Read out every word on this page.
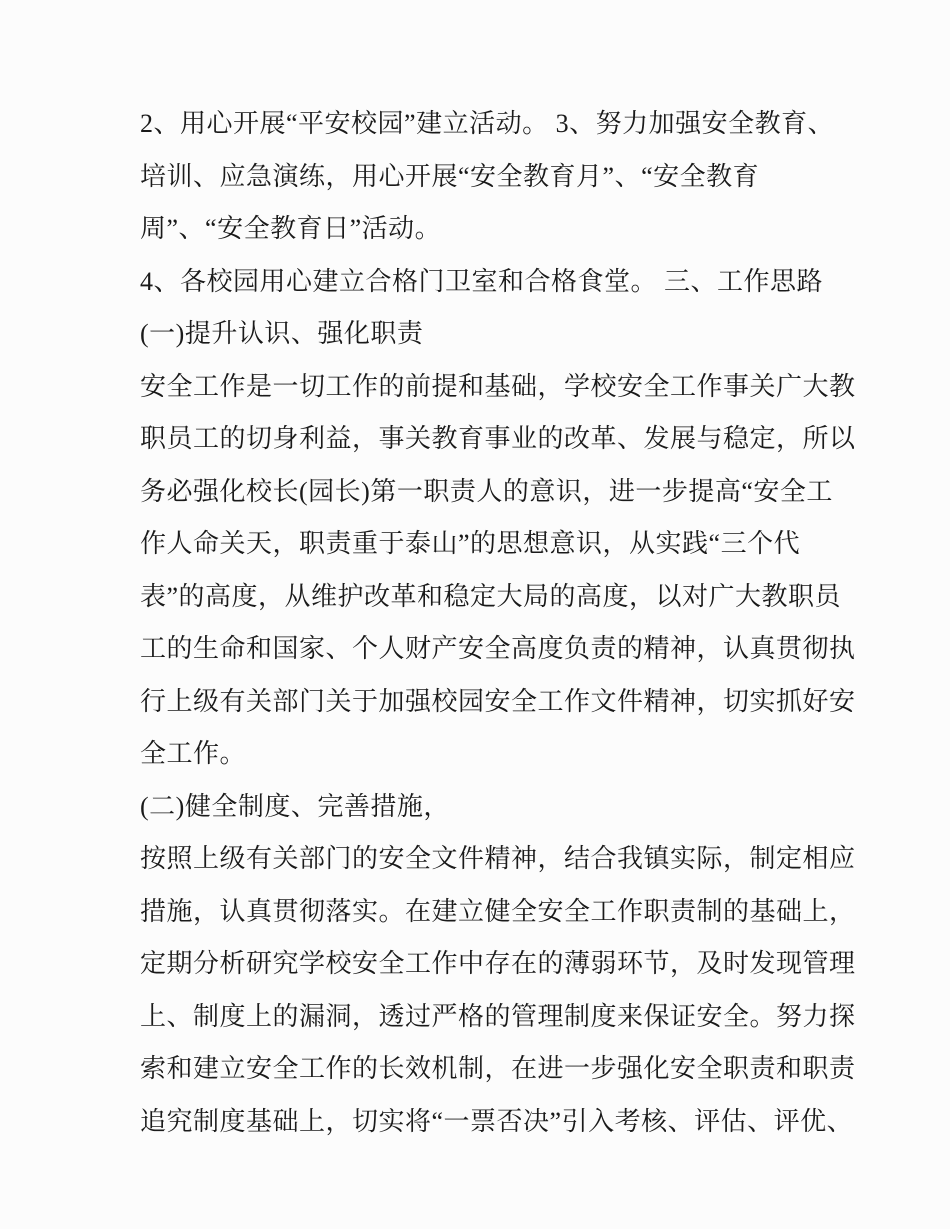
2、用心开展“平安校园”建立活动。 3、努力加强安全教育、
培训、应急演练，用心开展“安全教育月”、“安全教育
周”、“安全教育日”活动。
4、各校园用心建立合格门卫室和合格食堂。 三、工作思路
(一)提升认识、强化职责
安全工作是一切工作的前提和基础，学校安全工作事关广大教
职员工的切身利益，事关教育事业的改革、发展与稳定，所以
务必强化校长(园长)第一职责人的意识，进一步提高“安全工
作人命关天，职责重于泰山”的思想意识，从实践“三个代
表”的高度，从维护改革和稳定大局的高度，以对广大教职员
工的生命和国家、个人财产安全高度负责的精神，认真贯彻执
行上级有关部门关于加强校园安全工作文件精神，切实抓好安
全工作。
(二)健全制度、完善措施，
按照上级有关部门的安全文件精神，结合我镇实际，制定相应
措施，认真贯彻落实。在建立健全安全工作职责制的基础上，
定期分析研究学校安全工作中存在的薄弱环节，及时发现管理
上、制度上的漏洞，透过严格的管理制度来保证安全。努力探
索和建立安全工作的长效机制，在进一步强化安全职责和职责
追究制度基础上，切实将“一票否决”引入考核、评估、评优、
